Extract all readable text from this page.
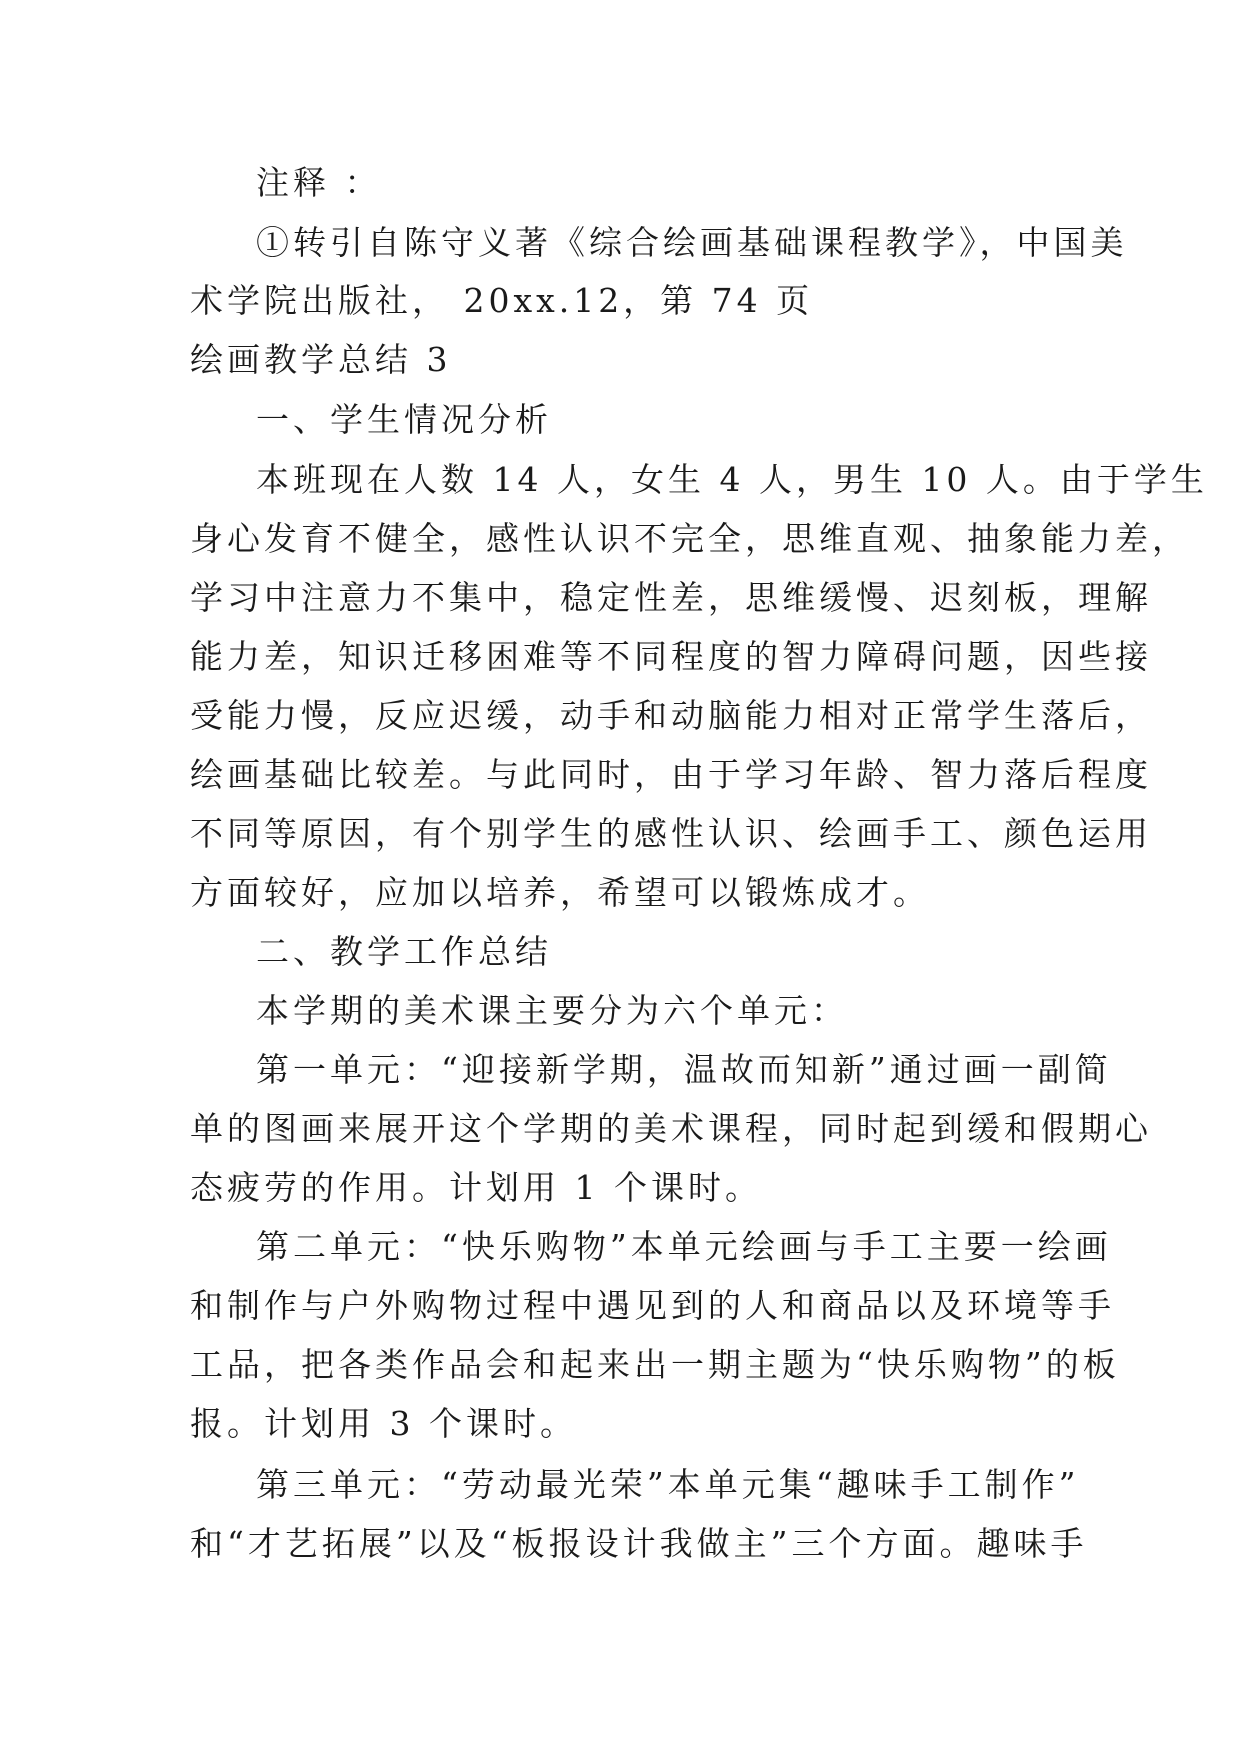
注释 ：
①转引自陈守义著《综合绘画基础课程教学》，中国美
术学院出版社， 20xx.12，第 74 页
绘画教学总结 3
一、学生情况分析
本班现在人数 14 人，女生 4 人，男生 10 人。由于学生
身心发育不健全，感性认识不完全，思维直观、抽象能力差，
学习中注意力不集中，稳定性差，思维缓慢、迟刻板，理解
能力差，知识迁移困难等不同程度的智力障碍问题，因些接
受能力慢，反应迟缓，动手和动脑能力相对正常学生落后，
绘画基础比较差。与此同时，由于学习年龄、智力落后程度
不同等原因，有个别学生的感性认识、绘画手工、颜色运用
方面较好，应加以培养，希望可以锻炼成才。
二、教学工作总结
本学期的美术课主要分为六个单元：
第一单元：“迎接新学期，温故而知新”通过画一副简
单的图画来展开这个学期的美术课程，同时起到缓和假期心
态疲劳的作用。计划用 1 个课时。
第二单元：“快乐购物”本单元绘画与手工主要一绘画
和制作与户外购物过程中遇见到的人和商品以及环境等手
工品，把各类作品会和起来出一期主题为“快乐购物”的板
报。计划用 3 个课时。
第三单元：“劳动最光荣”本单元集“趣味手工制作”
和“才艺拓展”以及“板报设计我做主”三个方面。趣味手
